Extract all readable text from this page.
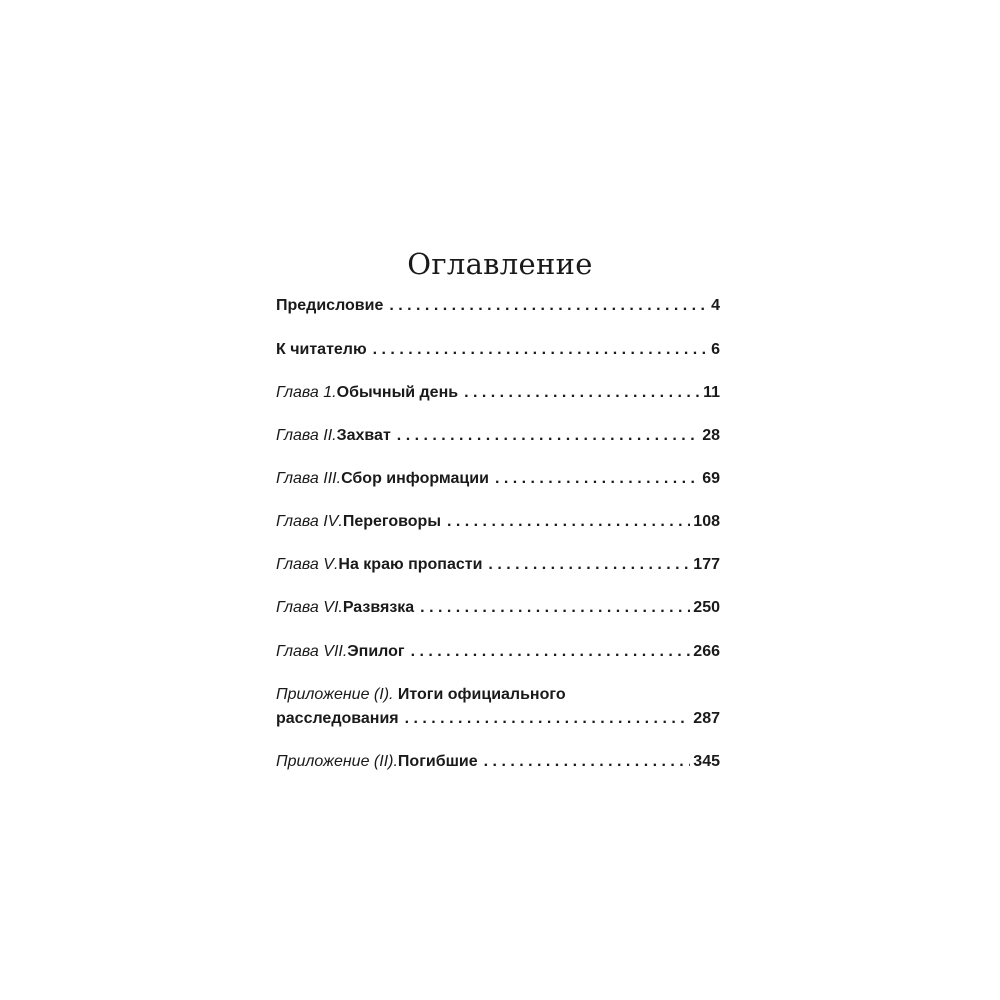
Оглавление
Предисловие . . .	4
К читателю . . .	6
Глава 1 . Обычный день . . .	11
Глава II . Захват . . .	28
Глава III . Сбор информации . . .	69
Глава IV . Переговоры . . .	108
Глава V . На краю пропасти . . .	177
Глава VI . Развязка . . .	250
Глава VII . Эпилог . . .	266
Приложение (I). Итоги официального
расследования . . .	287
Приложение (II) . Погибшие . . .	345
